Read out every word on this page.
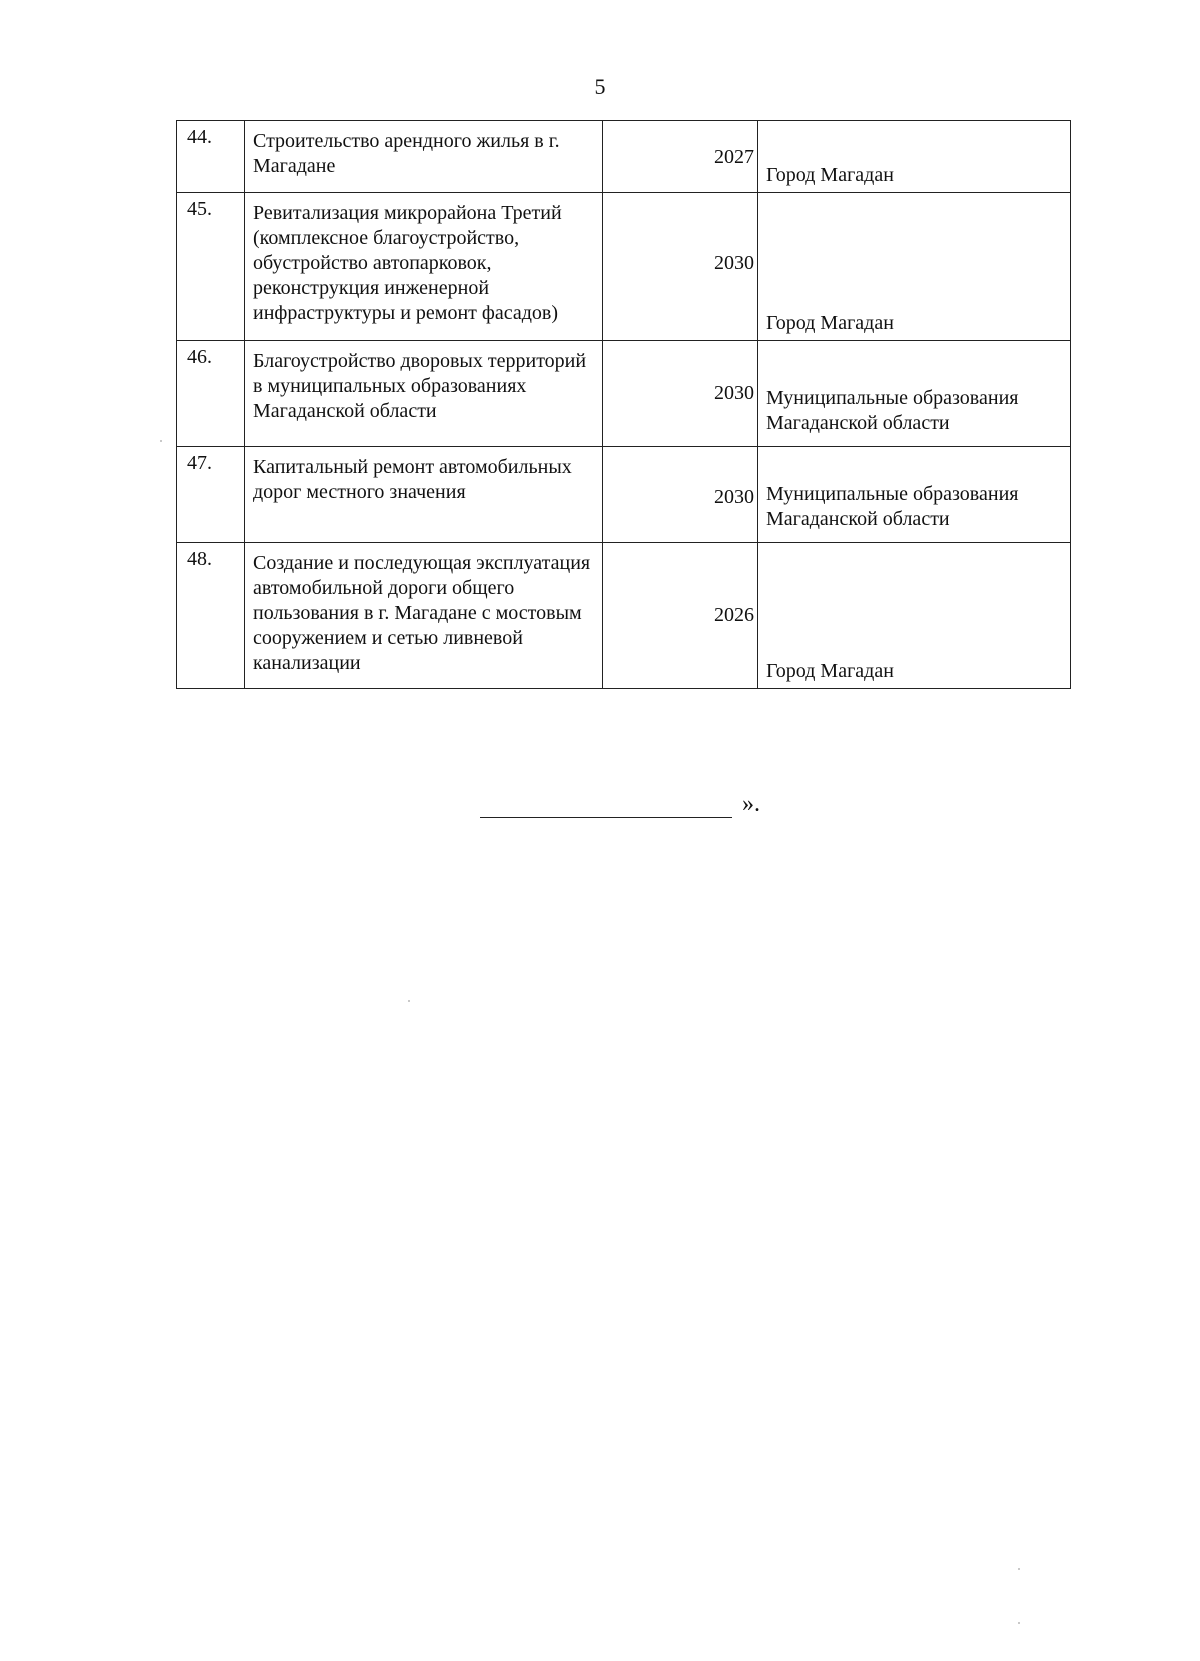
5
44.	Строительство арендного жилья в г. Магадане	2027	Город Магадан
45.	Ревитализация микрорайона Третий (комплексное благоустройство, обустройство автопарковок, реконструкция инженерной инфраструктуры и ремонт фасадов)	2030	Город Магадан
46.	Благоустройство дворовых территорий в муниципальных образованиях Магаданской области	2030	Муниципальные образования Магаданской области
47.	Капитальный ремонт автомобильных дорог местного значения	2030	Муниципальные образования Магаданской области
48.	Создание и последующая эксплуатация автомобильной дороги общего пользования в г. Магадане с мостовым сооружением и сетью ливневой канализации	2026	Город Магадан
».
